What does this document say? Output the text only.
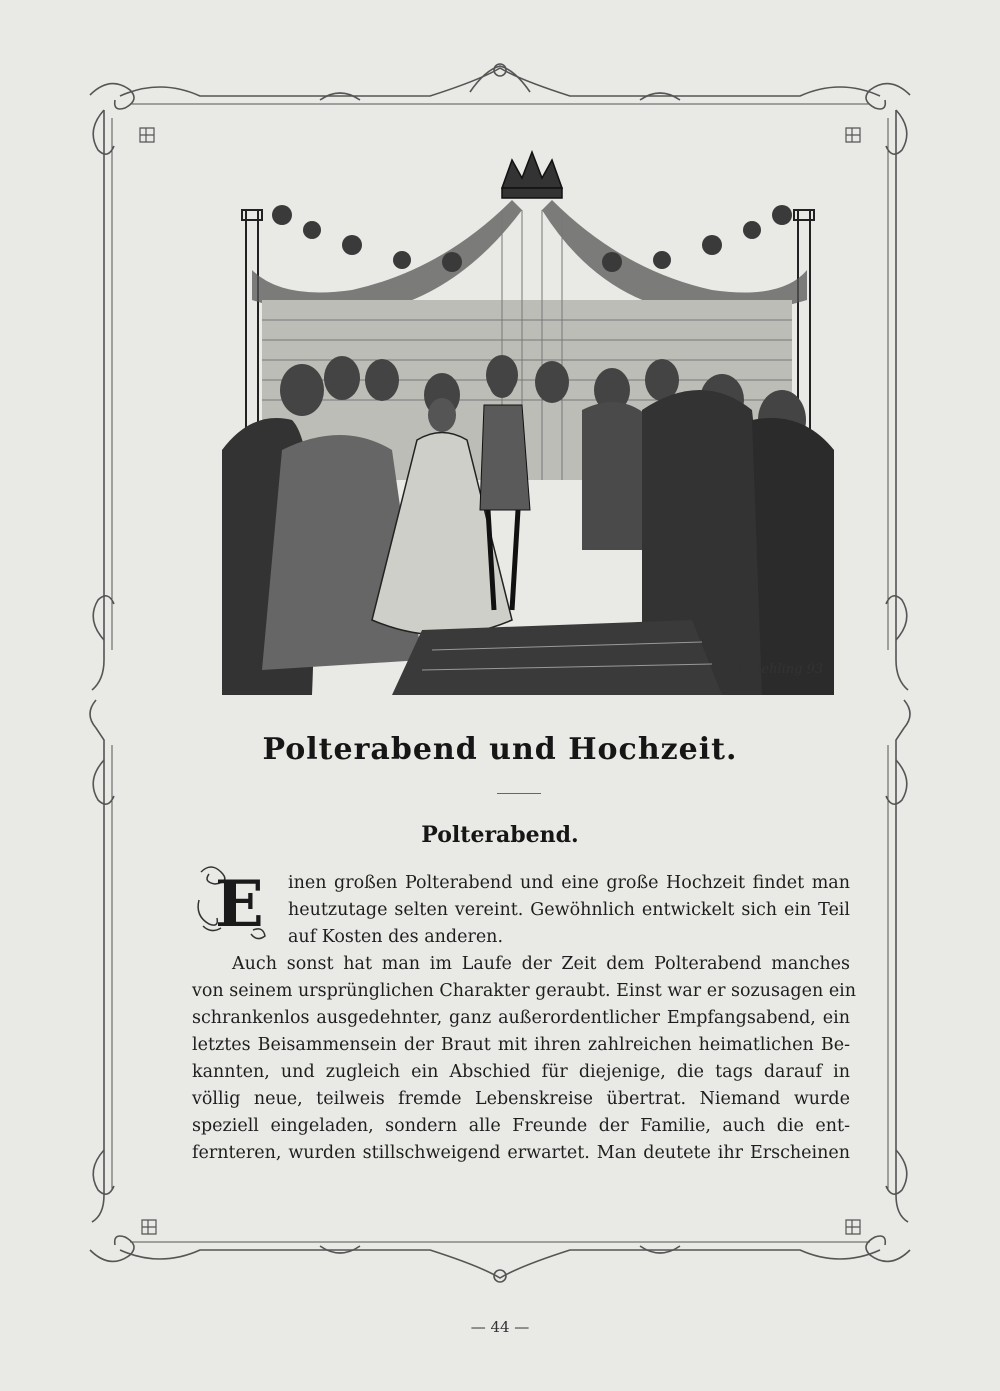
E.Rehling 93
Polterabend und Hochzeit.
Polterabend.
E inen großen Polterabend und eine große Hochzeit findet man
heutzutage selten vereint. Gewöhnlich entwickelt sich ein Teil
auf Kosten des anderen.
Auch sonst hat man im Laufe der Zeit dem Polterabend manches
von seinem ursprünglichen Charakter geraubt. Einst war er sozusagen ein
schrankenlos ausgedehnter, ganz außerordentlicher Empfangsabend, ein
letztes Beisammensein der Braut mit ihren zahlreichen heimatlichen Be-
kannten, und zugleich ein Abschied für diejenige, die tags darauf in
völlig neue, teilweis fremde Lebenskreise übertrat. Niemand wurde
speziell eingeladen, sondern alle Freunde der Familie, auch die ent-
fernteren, wurden stillschweigend erwartet. Man deutete ihr Erscheinen
— 44 —
